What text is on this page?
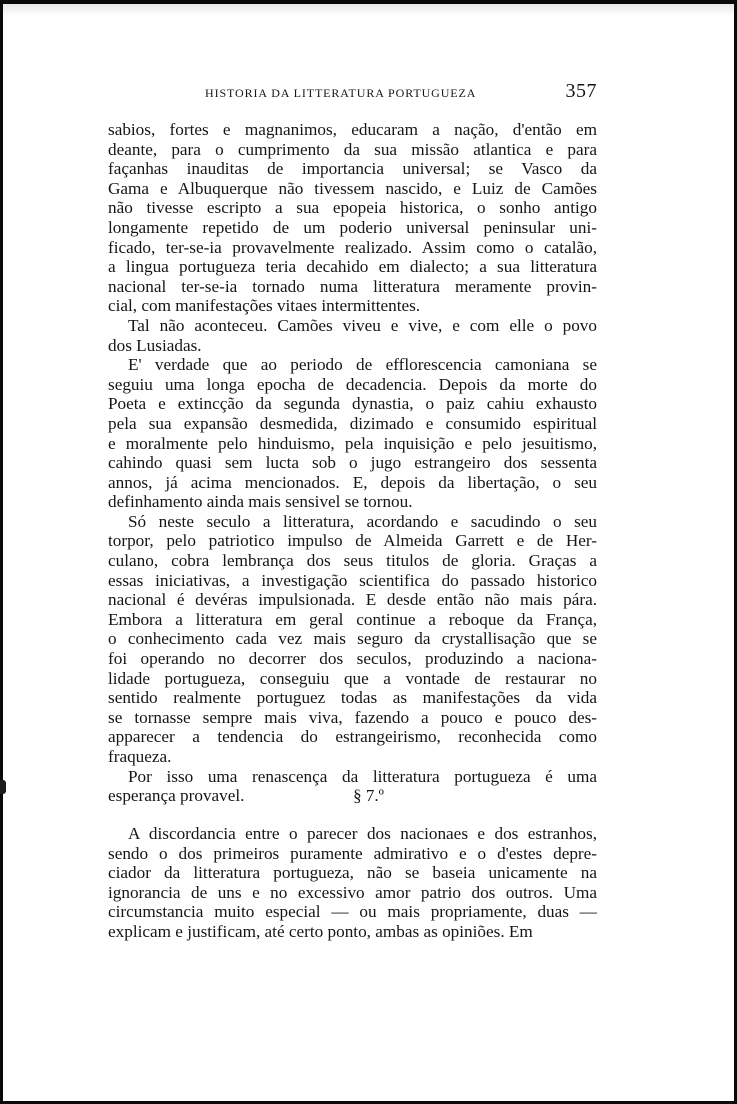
HISTORIA DA LITTERATURA PORTUGUEZA	357
sabios, fortes e magnanimos, educaram a nação, d'então em
deante, para o cumprimento da sua missão atlantica e para
façanhas inauditas de importancia universal; se Vasco da
Gama e Albuquerque não tivessem nascido, e Luiz de Camões
não tivesse escripto a sua epopeia historica, o sonho antigo
longamente repetido de um poderio universal peninsular uni-
ficado, ter-se-ia provavelmente realizado. Assim como o catalão,
a lingua portugueza teria decahido em dialecto; a sua litteratura
nacional ter-se-ia tornado numa litteratura meramente provin-
cial, com manifestações vitaes intermittentes.
Tal não aconteceu. Camões viveu e vive, e com elle o povo
dos Lusiadas.
E' verdade que ao periodo de efflorescencia camoniana se
seguiu uma longa epocha de decadencia. Depois da morte do
Poeta e extincção da segunda dynastia, o paiz cahiu exhausto
pela sua expansão desmedida, dizimado e consumido espiritual
e moralmente pelo hinduismo, pela inquisição e pelo jesuitismo,
cahindo quasi sem lucta sob o jugo estrangeiro dos sessenta
annos, já acima mencionados. E, depois da libertação, o seu
definhamento ainda mais sensivel se tornou.
Só neste seculo a litteratura, acordando e sacudindo o seu
torpor, pelo patriotico impulso de Almeida Garrett e de Her-
culano, cobra lembrança dos seus titulos de gloria. Graças a
essas iniciativas, a investigação scientifica do passado historico
nacional é devéras impulsionada. E desde então não mais pára.
Embora a litteratura em geral continue a reboque da França,
o conhecimento cada vez mais seguro da crystallisação que se
foi operando no decorrer dos seculos, produzindo a naciona-
lidade portugueza, conseguiu que a vontade de restaurar no
sentido realmente portuguez todas as manifestações da vida
se tornasse sempre mais viva, fazendo a pouco e pouco des-
apparecer a tendencia do estrangeirismo, reconhecida como
fraqueza.
Por isso uma renascença da litteratura portugueza é uma
esperança provavel.	§ 7.º
A discordancia entre o parecer dos nacionaes e dos estranhos,
sendo o dos primeiros puramente admirativo e o d'estes depre-
ciador da litteratura portugueza, não se baseia unicamente na
ignorancia de uns e no excessivo amor patrio dos outros. Uma
circumstancia muito especial — ou mais propriamente, duas —
explicam e justificam, até certo ponto, ambas as opiniões. Em
